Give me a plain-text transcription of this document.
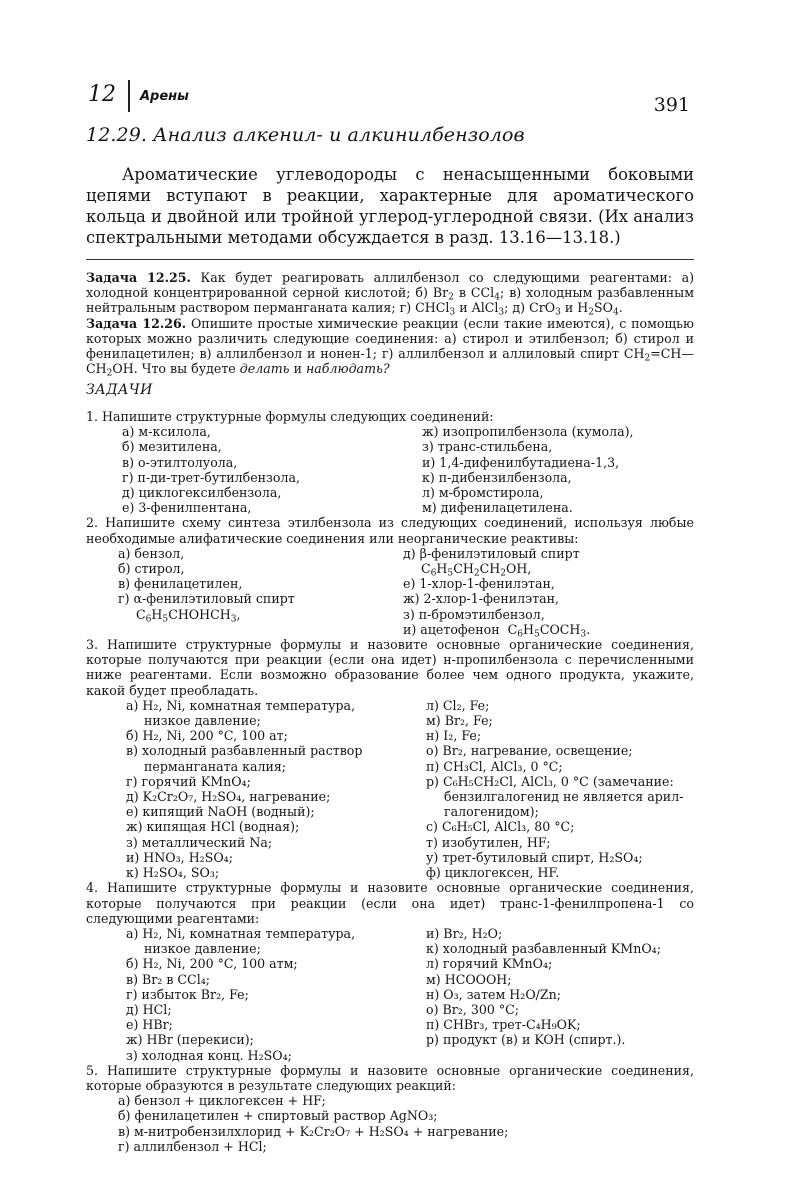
12 Арены	391
12.29. Анализ алкенил- и алкинилбензолов

Ароматические углеводороды с ненасыщенными боковыми цепями вступают в реакции, характерные для ароматического кольца и двойной или тройной углерод-углеродной связи. (Их анализ спектральными методами обсуждается в разд. 13.16—13.18.)

Задача 12.25. Как будет реагировать аллилбензол со следующими реагентами: а) холодной концентрированной серной кислотой; б) $Br_2$ в CCl$_4$; в) холодным разбавленным нейтральным раствором перманганата калия; г) CHCl$_3$ и AlCl$_3$; д) CrO$_3$ и $H_2SO_4$.

Задача 12.26. Опишите простые химические реакции (если такие имеются), с помощью которых можно различить следующие соединения: а) стирол и этилбензол; б) стирол и фенилацетилен; в) аллилбензол и нонен-1; г) аллилбензол и аллиловый спирт $CH_2=CH—CH_2OH$. Что вы будете делать и наблюдать?

ЗАДАЧИ

1. Напишите структурные формулы следующих соединений:

а) м-ксилола,	ж) изопропилбензола (кумола),
б) мезитилена,	з) транс-стильбена,
в) о-этилтолуола,	и) 1,4-дифенилбутадиена-1,3,
г) п-ди-трет-бутилбензола,	к) п-дибензилбензола,
д) циклогексилбензола,	л) м-бромстирола,
е) 3-фенилпентана,	м) дифенилацетилена.

2. Напишите схему синтеза этилбензола из следующих соединений, используя любые необходимые алифатические соединения или неорганические реактивы:

а) бензол,	д) β-фенилэтиловый спирт
б) стирол,	$C_6H_5CH_2CH_2OH$,
в) фенилацетилен,	е) 1-хлор-1-фенилэтан,
г) α-фенилэтиловый спирт	ж) 2-хлор-1-фенилэтан,
$C_6H_5CHOHCH_3$,	з) п-бромэтилбензол,
и) ацетофенон  $C_6H_5COCH_3$.

3. Напишите структурные формулы и назовите основные органические соединения, которые получаются при реакции (если она идет) н-пропилбензола с перечисленными ниже реагентами. Если возможно образование более чем одного продукта, укажите, какой будет преобладать.

а) H₂, Ni, комнатная температура,	л) Cl₂, Fe;
низкое давление;	м) Br₂, Fe;
б) H₂, Ni, 200 °C, 100 ат;	н) I₂, Fe;
в) холодный разбавленный раствор	о) Br₂, нагревание, освещение;
перманганата калия;	п) CH₃Cl, AlCl₃, 0 °C;
г) горячий KMnO₄;	р) C₆H₅CH₂Cl, AlCl₃, 0 °C (замечание:
д) K₂Cr₂O₇, H₂SO₄, нагревание;	бензилгалогенид не является арил-
е) кипящий NaOH (водный);	галогенидом);
ж) кипящая HCl (водная);	с) C₆H₅Cl, AlCl₃, 80 °C;
з) металлический Na;	т) изобутилен, HF;
и) HNO₃, H₂SO₄;	у) трет-бутиловый спирт, H₂SO₄;
к) H₂SO₄, SO₃;	ф) циклогексен, HF.

4. Напишите структурные формулы и назовите основные органические соединения, которые получаются при реакции (если она идет) транс-1-фенилпропена-1 со следующими реагентами:

а) H₂, Ni, комнатная температура,	и) Br₂, H₂O;
низкое давление;	к) холодный разбавленный KMnO₄;
б) H₂, Ni, 200 °C, 100 атм;	л) горячий KMnO₄;
в) Br₂ в CCl₄;	м) HCOOOH;
г) избыток Br₂, Fe;	н) O₃, затем H₂O/Zn;
д) HCl;	о) Br₂, 300 °C;
е) HBr;	п) CHBr₃, трет-C₄H₉OK;
ж) HBr (перекиси);	р) продукт (в) и KOH (спирт.).
з) холодная конц. H₂SO₄;

5. Напишите структурные формулы и назовите основные органические соединения, которые образуются в результате следующих реакций:

а) бензол + циклогексен + HF;
б) фенилацетилен + спиртовый раствор AgNO₃;
в) м-нитробензилхлорид + K₂Cr₂O₇ + H₂SO₄ + нагревание;
г) аллилбензол + HCl;
